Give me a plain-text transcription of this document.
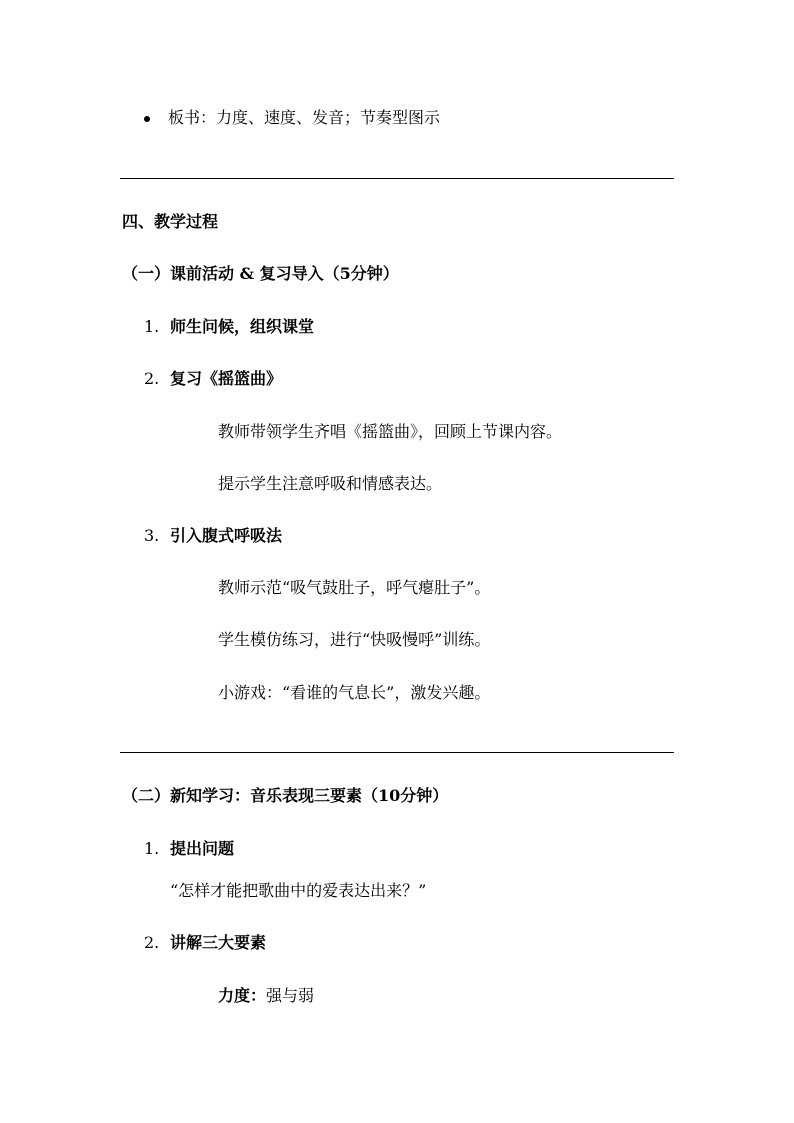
板书：力度、速度、发音；节奏型图示
四、教学过程
（一）课前活动 & 复习导入（5分钟）
1. 师生问候，组织课堂
2. 复习《摇篮曲》
教师带领学生齐唱《摇篮曲》，回顾上节课内容。
提示学生注意呼吸和情感表达。
3. 引入腹式呼吸法
教师示范“吸气鼓肚子，呼气瘪肚子”。
学生模仿练习，进行“快吸慢呼”训练。
小游戏：“看谁的气息长”，激发兴趣。
（二）新知学习：音乐表现三要素（10分钟）
1. 提出问题
“怎样才能把歌曲中的爱表达出来？”
2. 讲解三大要素
力度：强与弱
